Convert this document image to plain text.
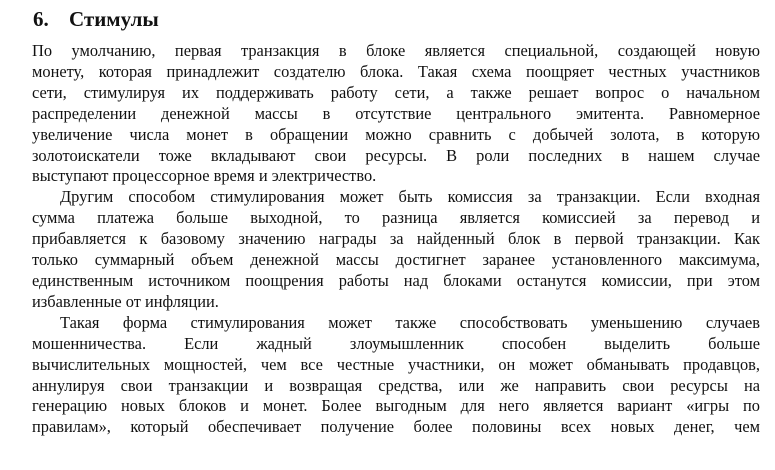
6. Стимулы
По умолчанию, первая транзакция в блоке является специальной, создающей новую
монету, которая принадлежит создателю блока. Такая схема поощряет честных участников
сети, стимулируя их поддерживать работу сети, а также решает вопрос о начальном
распределении денежной массы в отсутствие центрального эмитента. Равномерное
увеличение числа монет в обращении можно сравнить с добычей золота, в которую
золотоискатели тоже вкладывают свои ресурсы. В роли последних в нашем случае
выступают процессорное время и электричество.
Другим способом стимулирования может быть комиссия за транзакции. Если входная
сумма платежа больше выходной, то разница является комиссией за перевод и
прибавляется к базовому значению награды за найденный блок в первой транзакции. Как
только суммарный объем денежной массы достигнет заранее установленного максимума,
единственным источником поощрения работы над блоками останутся комиссии, при этом
избавленные от инфляции.
Такая форма стимулирования может также способствовать уменьшению случаев
мошенничества. Если жадный злоумышленник способен выделить больше
вычислительных мощностей, чем все честные участники, он может обманывать продавцов,
аннулируя свои транзакции и возвращая средства, или же направить свои ресурсы на
генерацию новых блоков и монет. Более выгодным для него является вариант «игры по
правилам», который обеспечивает получение более половины всех новых денег, чем
